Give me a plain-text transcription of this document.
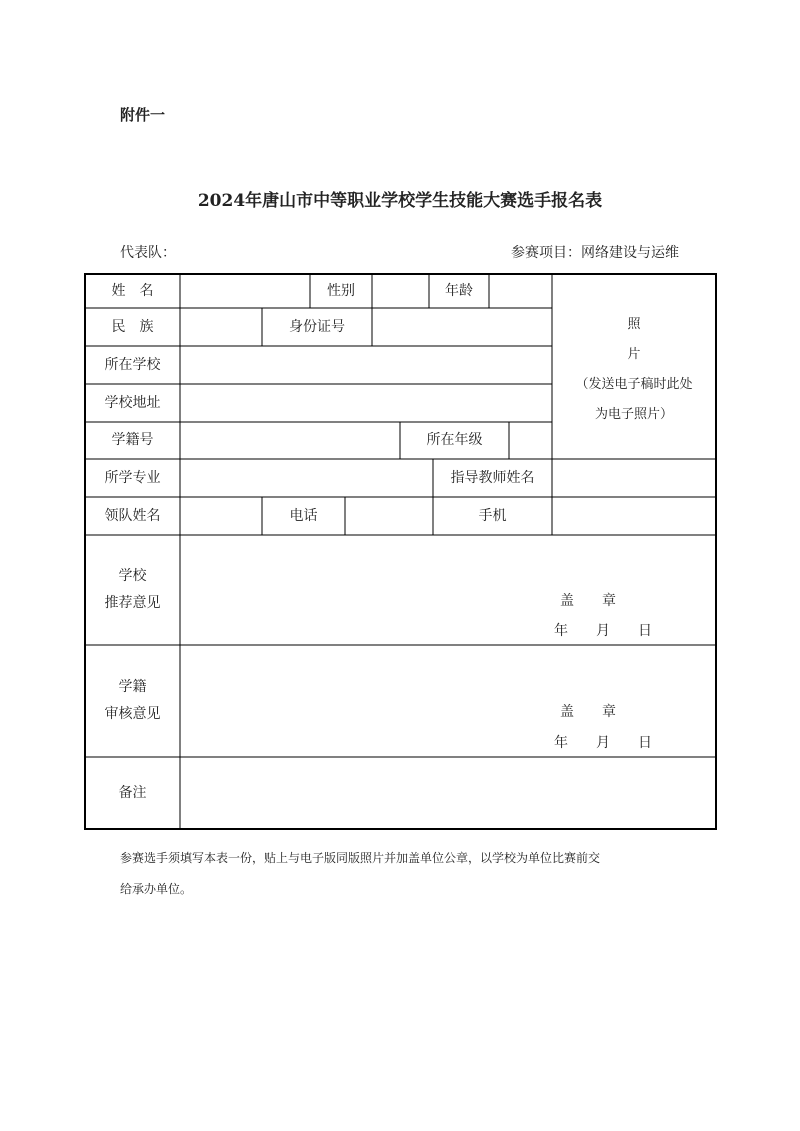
附件一
2024年唐山市中等职业学校学生技能大赛选手报名表
代表队：	参赛项目：网络建设与运维
姓　名	性别	年龄
民　族	身份证号
所在学校
学校地址
学籍号	所在年级
所学专业	指导教师姓名
领队姓名	电话	手机
照
片
（发送电子稿时此处
为电子照片）
学校
推荐意见	盖　　章
年　　月　　日
学籍
审核意见	盖　　章
年　　月　　日
备注
参赛选手须填写本表一份，贴上与电子版同版照片并加盖单位公章，以学校为单位比赛前交
给承办单位。
